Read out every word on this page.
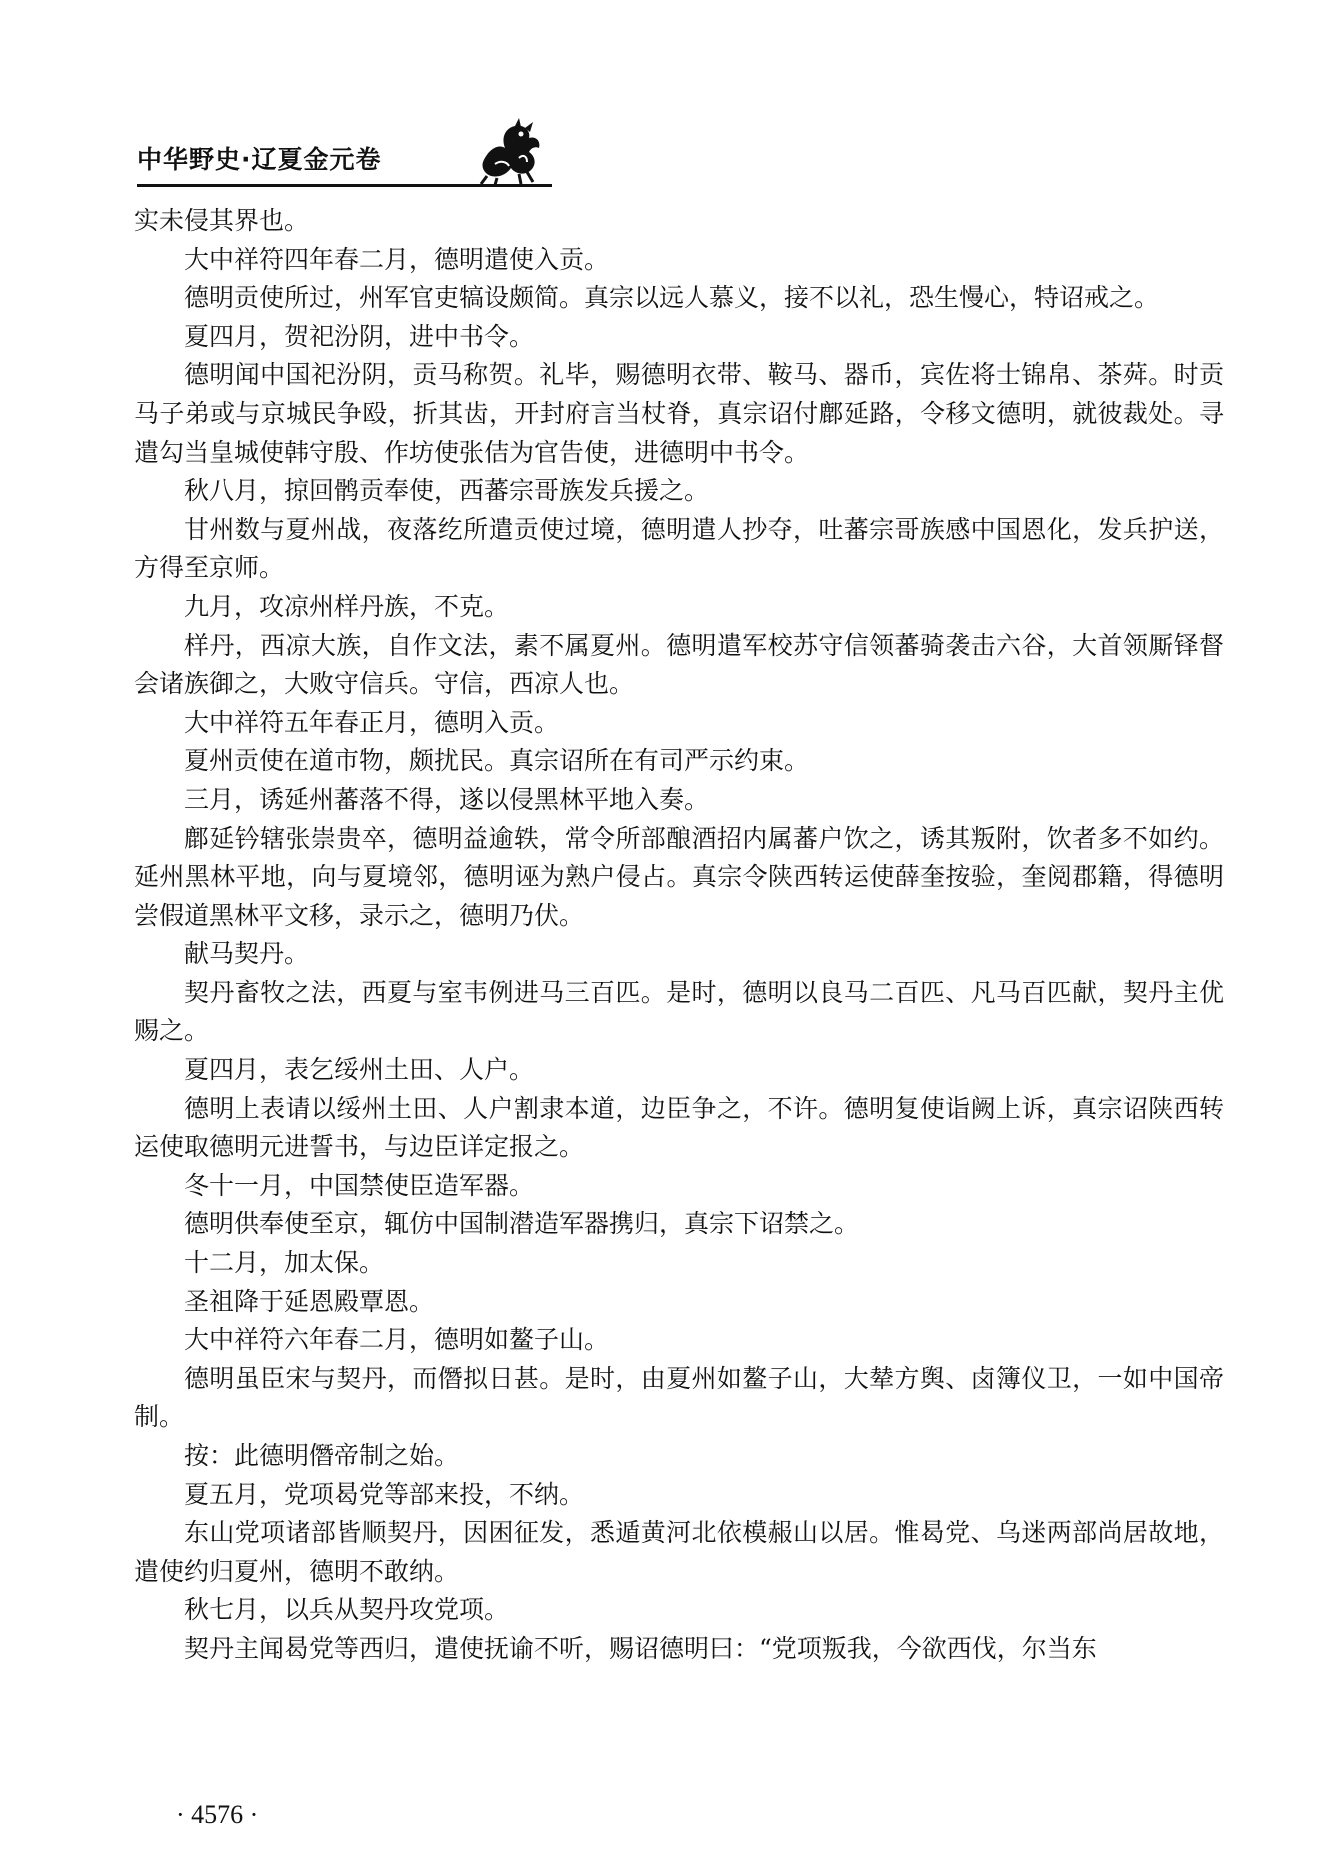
中华野史·辽夏金元卷

实未侵其界也。

大中祥符四年春二月，德明遣使入贡。

德明贡使所过，州军官吏犒设颇简。真宗以远人慕义，接不以礼，恐生慢心，特诏戒之。

夏四月，贺祀汾阴，进中书令。

德明闻中国祀汾阴，贡马称贺。礼毕，赐德明衣带、鞍马、器币，宾佐将士锦帛、茶荈。时贡马子弟或与京城民争殴，折其齿，开封府言当杖脊，真宗诏付鄜延路，令移文德明，就彼裁处。寻遣勾当皇城使韩守殷、作坊使张佶为官告使，进德明中书令。

秋八月，掠回鹘贡奉使，西蕃宗哥族发兵援之。

甘州数与夏州战，夜落纥所遣贡使过境，德明遣人抄夺，吐蕃宗哥族感中国恩化，发兵护送，方得至京师。

九月，攻凉州样丹族，不克。

样丹，西凉大族，自作文法，素不属夏州。德明遣军校苏守信领蕃骑袭击六谷，大首领厮铎督会诸族御之，大败守信兵。守信，西凉人也。

大中祥符五年春正月，德明入贡。

夏州贡使在道市物，颇扰民。真宗诏所在有司严示约束。

三月，诱延州蕃落不得，遂以侵黑林平地入奏。

鄜延钤辖张崇贵卒，德明益逾轶，常令所部酿酒招内属蕃户饮之，诱其叛附，饮者多不如约。延州黑林平地，向与夏境邻，德明诬为熟户侵占。真宗令陕西转运使薛奎按验，奎阅郡籍，得德明尝假道黑林平文移，录示之，德明乃伏。

献马契丹。

契丹畜牧之法，西夏与室韦例进马三百匹。是时，德明以良马二百匹、凡马百匹献，契丹主优赐之。

夏四月，表乞绥州土田、人户。

德明上表请以绥州土田、人户割隶本道，边臣争之，不许。德明复使诣阙上诉，真宗诏陕西转运使取德明元进誓书，与边臣详定报之。

冬十一月，中国禁使臣造军器。

德明供奉使至京，辄仿中国制潜造军器携归，真宗下诏禁之。

十二月，加太保。

圣祖降于延恩殿覃恩。

大中祥符六年春二月，德明如鳌子山。

德明虽臣宋与契丹，而僭拟日甚。是时，由夏州如鳌子山，大辇方舆、卤簿仪卫，一如中国帝制。

按：此德明僭帝制之始。

夏五月，党项曷党等部来投，不纳。

东山党项诸部皆顺契丹，因困征发，悉遁黄河北依模赧山以居。惟曷党、乌迷两部尚居故地，遣使约归夏州，德明不敢纳。

秋七月，以兵从契丹攻党项。

契丹主闻曷党等西归，遣使抚谕不听，赐诏德明曰：“党项叛我，今欲西伐，尔当东

· 4576 ·
